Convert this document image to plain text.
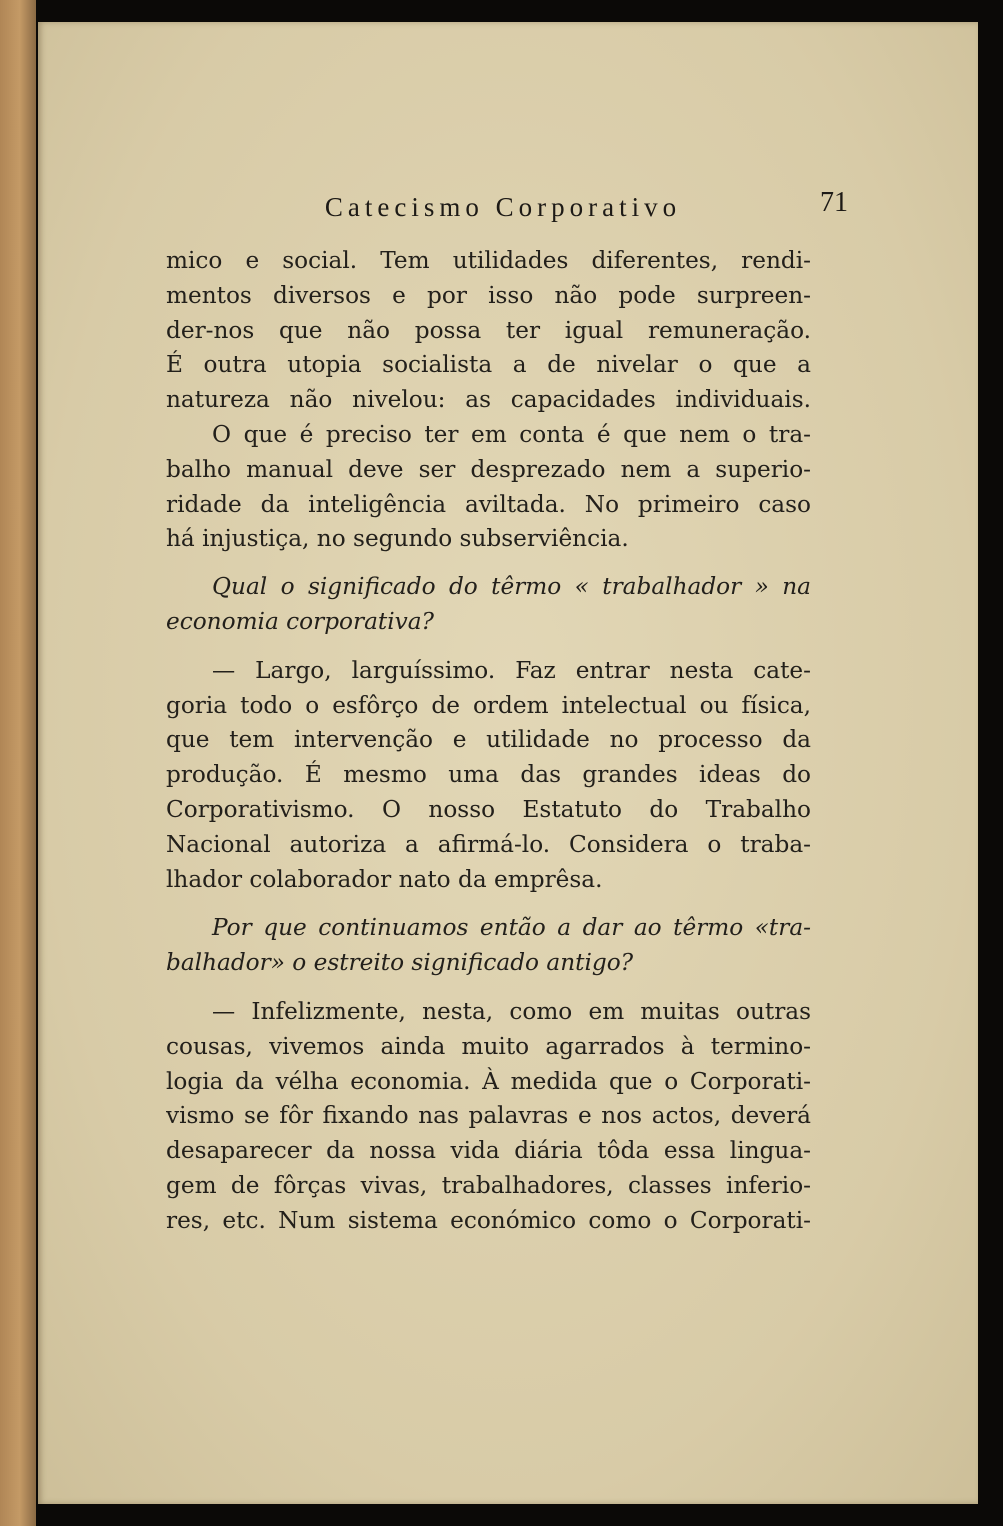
Catecismo Corporativo	71
mico e social. Tem utilidades diferentes, rendi-
mentos diversos e por isso não pode surpreen-
der-nos que não possa ter igual remuneração.
É outra utopia socialista a de nivelar o que a
natureza não nivelou: as capacidades individuais.
O que é preciso ter em conta é que nem o tra-
balho manual deve ser desprezado nem a superio-
ridade da inteligência aviltada. No primeiro caso
há injustiça, no segundo subserviência.
Qual o significado do têrmo « trabalhador » na
economia corporativa?
— Largo, larguíssimo. Faz entrar nesta cate-
goria todo o esfôrço de ordem intelectual ou física,
que tem intervenção e utilidade no processo da
produção. É mesmo uma das grandes ideas do
Corporativismo. O nosso Estatuto do Trabalho
Nacional autoriza a afirmá-lo. Considera o traba-
lhador colaborador nato da emprêsa.
Por que continuamos então a dar ao têrmo «tra-
balhador» o estreito significado antigo?
— Infelizmente, nesta, como em muitas outras
cousas, vivemos ainda muito agarrados à termino-
logia da vélha economia. À medida que o Corporati-
vismo se fôr fixando nas palavras e nos actos, deverá
desaparecer da nossa vida diária tôda essa lingua-
gem de fôrças vivas, trabalhadores, classes inferio-
res, etc. Num sistema económico como o Corporati-
